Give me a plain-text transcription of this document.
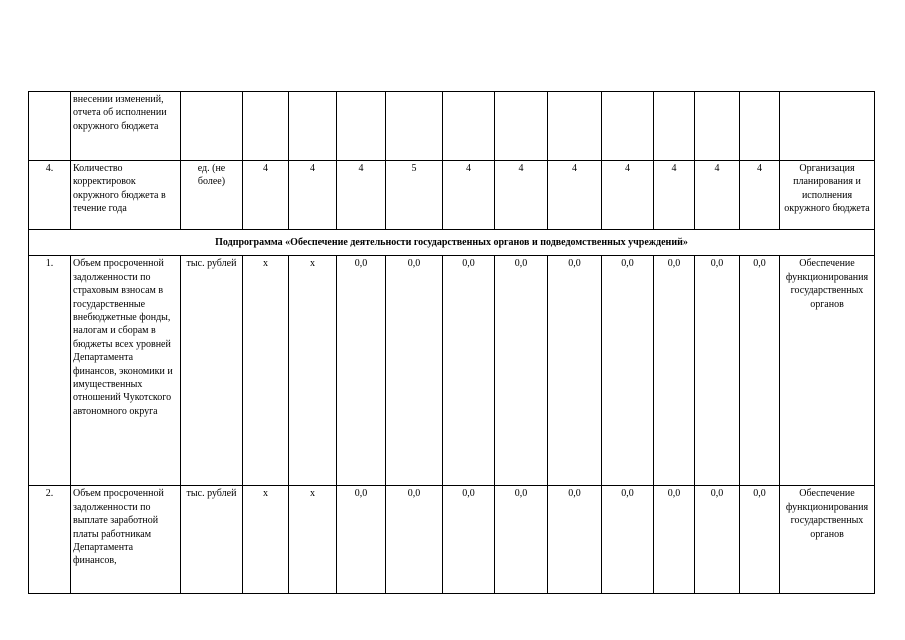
	внесении изменений, отчета об исполнении окружного бюджета													
4.	Количество корректировок окружного бюджета в течение года	ед. (не более)	4	4	4	5	4	4	4	4	4	4	4	Организация планирования и исполнения окружного бюджета
Подпрограмма «Обеспечение деятельности государственных органов и подведомственных учреждений»														
1.	Объем просроченной задолженности по страховым взносам в государственные внебюджетные фонды, налогам и сборам в бюджеты всех уровней Департамента финансов, экономики и имущественных отношений Чукотского автономного округа	тыс. рублей	x	x	0,0	0,0	0,0	0,0	0,0	0,0	0,0	0,0	0,0	Обеспечение функционирования государственных органов
2.	Объем просроченной задолженности по выплате заработной платы работникам Департамента финансов,	тыс. рублей	x	x	0,0	0,0	0,0	0,0	0,0	0,0	0,0	0,0	0,0	Обеспечение функционирования государственных органов
